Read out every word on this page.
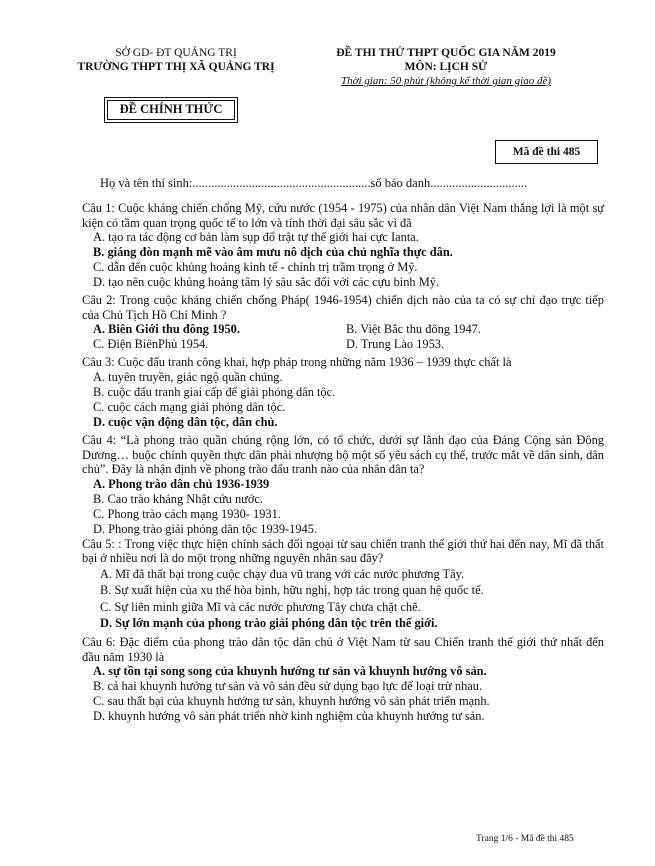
SỞ GD- ĐT QUẢNG TRỊ
TRƯỜNG THPT THỊ XÃ QUẢNG TRỊ
ĐỀ THI THỬ THPT QUỐC GIA NĂM 2019
MÔN: LỊCH SỬ
Thời gian: 50 phút (không kể thời gian giao đề)
ĐỀ CHÍNH THỨC
Mã đề thi 485
Họ và tên thí sinh:.........................................................số báo danh...............................

Câu 1: Cuộc kháng chiến chống Mỹ, cứu nước (1954 - 1975) của nhân dân Việt Nam thắng lợi là một sự kiện có tầm quan trọng quốc tế to lớn và tính thời đại sâu sắc vì đã

A. tạo ra tác động cơ bản làm sụp đổ trật tự thế giới hai cực Ianta.

B. giáng đòn mạnh mẽ vào âm mưu nô dịch của chủ nghĩa thực dân.

C. dẫn đến cuộc khủng hoảng kinh tế - chính trị trầm trọng ở Mỹ.

D. tạo nên cuộc khủng hoảng tâm lý sâu sắc đối với các cựu binh Mỹ.

Câu 2: Trong cuộc kháng chiến chống Pháp( 1946-1954) chiến dịch nào của ta có sự chỉ đạo trực tiếp của Chủ Tịch Hồ Chí Minh ?

A. Biên Giới thu đông 1950.	B. Việt Bắc thu đông 1947.
C. Điện BiênPhủ 1954.	D. Trung Lào 1953.

Câu 3: Cuộc đấu tranh công khai, hợp pháp trong những năm 1936 – 1939 thực chất là

A. tuyên truyền, giác ngộ quần chúng.

B. cuộc đấu tranh giai cấp để giải phóng dân tộc.

C. cuộc cách mạng giải phóng dân tộc.

D. cuộc vận động dân tộc, dân chủ.

Câu 4: “Là phong trào quần chúng rộng lớn, có tổ chức, dưới sự lãnh đạo của Đảng Cộng sản Đông Dương… buộc chính quyền thực dân phải nhượng bộ một số yêu sách cụ thể, trước mắt về dân sinh, dân chủ”. Đây là nhận định về phong trào đấu tranh nào của nhân dân ta?

A. Phong trào dân chủ 1936-1939

B. Cao trào kháng Nhật cứu nước.

C. Phong trào cách mạng 1930- 1931.

D. Phong trào giải phóng dân tộc 1939-1945.

Câu 5: : Trong việc thực hiện chính sách đối ngoại từ sau chiến tranh thế giới thứ hai đến nay, Mĩ đã thất bại ở nhiều nơi là do một trong những nguyên nhân sau đây?

A. Mĩ đã thất bại trong cuộc chạy đua vũ trang với các nước phương Tây.

B. Sự xuất hiện của xu thế hòa bình, hữu nghị, hợp tác trong quan hệ quốc tế.

C. Sự liên minh giữa Mĩ và các nước phương Tây chưa chặt chẽ.

D. Sự lớn mạnh của phong trào giải phóng dân tộc trên thế giới.

Câu 6: Đặc điểm của phong trào dân tộc dân chủ ở Việt Nam từ sau Chiến tranh thế giới thứ nhất đến đầu năm 1930 là

A. sự tồn tại song song của khuynh hướng tư sản và khuynh hướng vô sản.

B. cả hai khuynh hướng tư sản và vô sản đều sử dụng bạo lực để loại trừ nhau.

C. sau thất bại của khuynh hướng tư sản, khuynh hướng vô sản phát triển mạnh.

D. khuynh hướng vô sản phát triển nhờ kinh nghiệm của khuynh hướng tư sản.

Trang 1/6 - Mã đề thi 485
